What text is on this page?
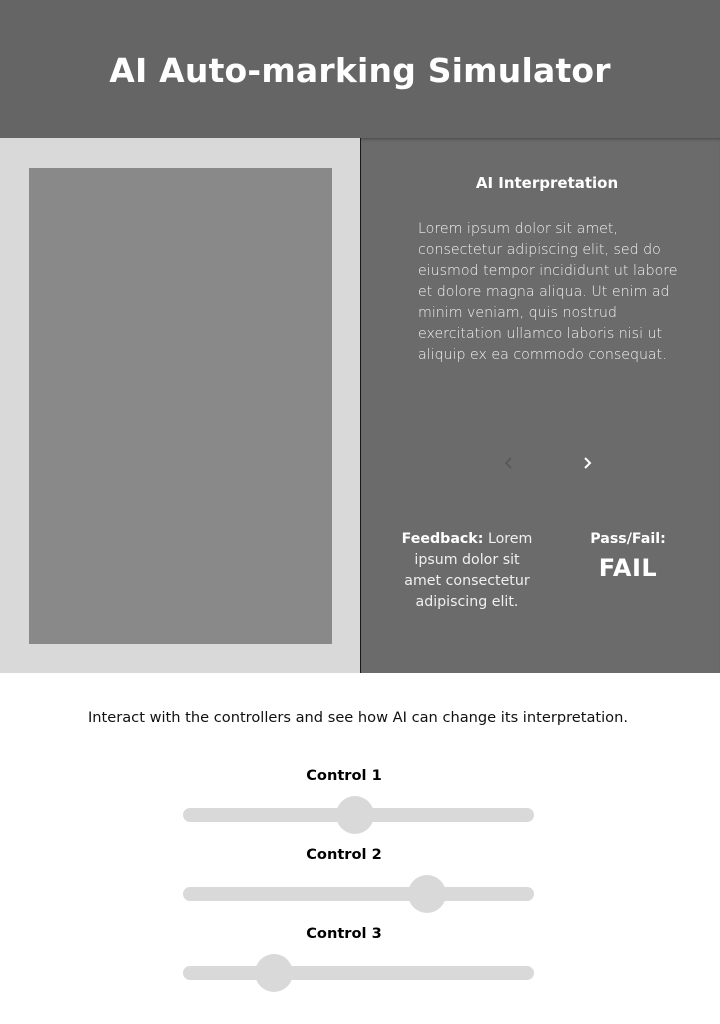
AI Auto-marking Simulator
AI Interpretation

Lorem ipsum dolor sit amet, consectetur adipiscing elit, sed do eiusmod tempor incididunt ut labore et dolore magna aliqua. Ut enim ad minim veniam, quis nostrud exercitation ullamco laboris nisi ut aliquip ex ea commodo consequat.

Feedback: Lorem ipsum dolor sit amet consectetur adipiscing elit.
Pass/Fail:
FAIL
Interact with the controllers and see how AI can change its interpretation.
Control 1
Control 2
Control 3
